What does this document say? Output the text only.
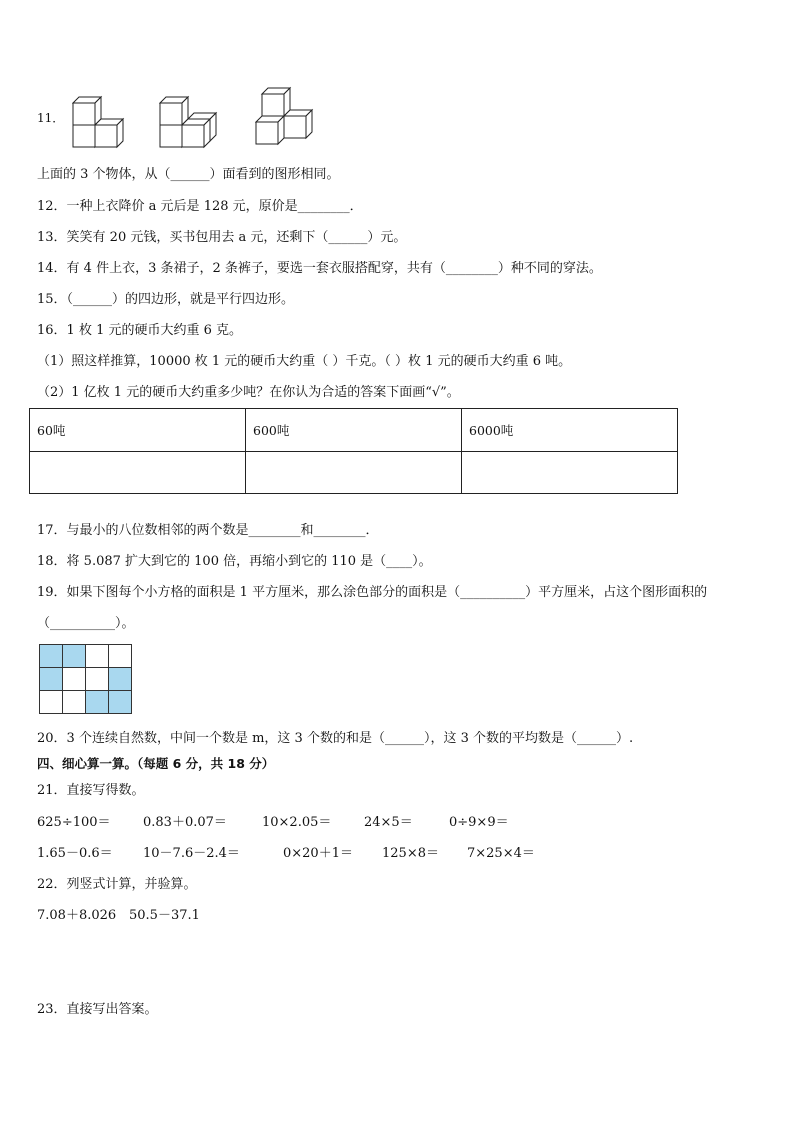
11．
上面的 3 个物体，从（______）面看到的图形相同。
12．一种上衣降价 a 元后是 128 元，原价是________．
13．笑笑有 20 元钱，买书包用去 a 元，还剩下（______）元。
14．有 4 件上衣，3 条裙子，2 条裤子，要选一套衣服搭配穿，共有（________）种不同的穿法。
15．（______）的四边形，就是平行四边形。
16．1 枚 1 元的硬币大约重 6 克。
（1）照这样推算，10000 枚 1 元的硬币大约重（ ）千克。（ ）枚 1 元的硬币大约重 6 吨。
（2）1 亿枚 1 元的硬币大约重多少吨？在你认为合适的答案下面画“√”。
60吨	600吨	6000吨

17．与最小的八位数相邻的两个数是________和________．
18．将 5.087 扩大到它的 100 倍，再缩小到它的 110 是（____）。
19．如果下图每个小方格的面积是 1 平方厘米，那么涂色部分的面积是（__________）平方厘米，占这个图形面积的
（__________）。
20．3 个连续自然数，中间一个数是 m，这 3 个数的和是（______），这 3 个数的平均数是（______）.
四、细心算一算。（每题 6 分，共 18 分）
21．直接写得数。
625÷100＝ 0.83＋0.07＝	10×2.05＝	24×5＝	0÷9×9＝
1.65－0.6＝ 10－7.6－2.4＝	0×20＋1＝ 125×8＝ 7×25×4＝
22．列竖式计算，并验算。
7.08＋8.026 50.5－37.1
23．直接写出答案。
